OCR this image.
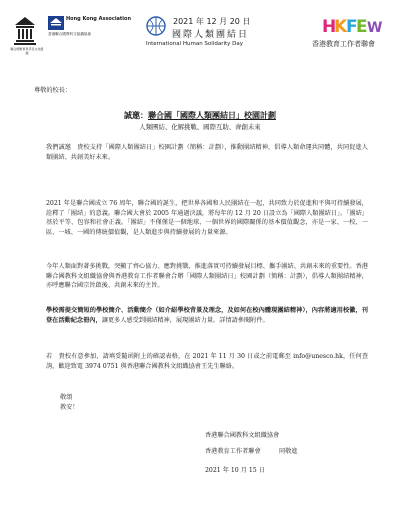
聯合國教育科學及文化組織
Hong Kong Association
香港聯合國教科文組織協會
2021 年 12 月 20 日
國際人類團結日
International Human Solidarity Day
H
K
F
E W
香港教育工作者聯會
尊敬的校長：
誠邀：聯合國「國際人類團結日」校園計劃
人類團結、化解挑戰、國際互助、齊創未來
我們誠邀　貴校支持「國際人類團結日」校園計劃（簡稱：計劃），推動團結精神，倡導人類命運共同體，共同促進人類團結、共創美好未來。
2021 年是聯合國成立 76 周年，聯合國的誕生，把世界各國和人民團結在一起，共同致力於促進和平與可持續發展，詮釋了「團結」的意義。聯合國大會於 2005 年通過決議，將每年的 12 月 20 日設立為「國際人類團結日」。「團結」基於平等、包容和社會正義。「團結」不僅僅是一個地球、一個世界的國際關係的基本價值觀念，亦是一家、一校、一區、一城、一國的傳統價值觀，是人類進步與持續發展的力量來源。
今年人類面對著多挑戰，突顯了齊心協力、應對挑戰、推進落實可持續發展目標、攜手團結、共創未來的重要性。香港聯合國教科文組織協會與香港教育工作者聯會合辦「國際人類團結日」校園計劃（簡稱：計劃），倡導人類團結精神，亦呼應聯合國宗旨啟後、共創未來的主旨。
學校需提交簡短的學校簡介、活動簡介（如介紹學校背景及理念，及如何在校內體現團結精神），內容將適用校徽，刊登在活動紀念冊內，讓更多人感受到團結精神，展現團結力量。詳情請參閱附件。
若　貴校有意參加，請填妥隨函附上的確認表格，在 2021 年 11 月 30 日或之前電郵至 info@unesco.hk，任何查詢，歡迎致電 3974 0751 與香港聯合國教科文組織協會王先生聯絡。
敬頌
教安！
香港聯合國教科文組織協會
香港教育工作者聯會	同敬進
2021 年 10 月 15 日
